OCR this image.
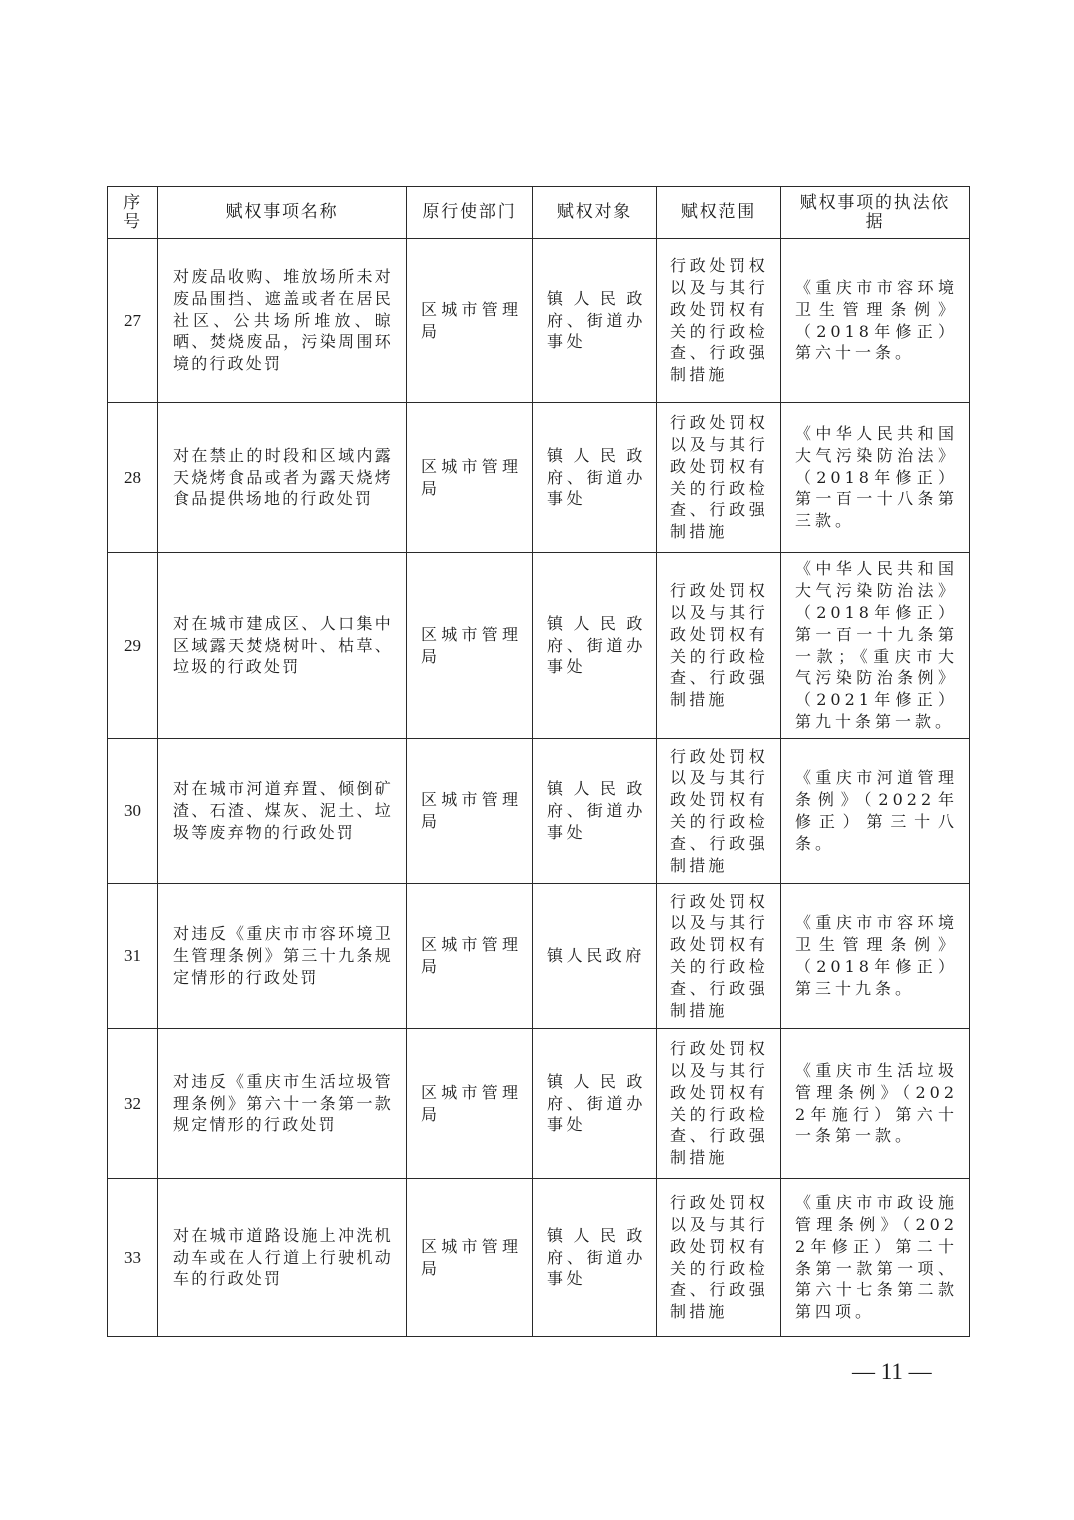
序号	赋权事项名称	原行使部门	赋权对象	赋权范围	赋权事项的执法依据
27	对废品收购、堆放场所未对废品围挡、遮盖或者在居民社区、公共场所堆放、晾晒、焚烧废品，污染周围环境的行政处罚	区城市管理局	镇人民政府、街道办事处	行政处罚权以及与其行政处罚权有关的行政检查、行政强制措施	《重庆市市容环境卫生管理条例》（2018年修正）第六十一条。
28	对在禁止的时段和区域内露天烧烤食品或者为露天烧烤食品提供场地的行政处罚	区城市管理局	镇人民政府、街道办事处	行政处罚权以及与其行政处罚权有关的行政检查、行政强制措施	《中华人民共和国大气污染防治法》（2018年修正）第一百一十八条第三款。
29	对在城市建成区、人口集中区域露天焚烧树叶、枯草、垃圾的行政处罚	区城市管理局	镇人民政府、街道办事处	行政处罚权以及与其行政处罚权有关的行政检查、行政强制措施	《中华人民共和国大气污染防治法》（2018年修正）第一百一十九条第一款；《重庆市大气污染防治条例》（2021年修正）第九十条第一款。
30	对在城市河道弃置、倾倒矿渣、石渣、煤灰、泥土、垃圾等废弃物的行政处罚	区城市管理局	镇人民政府、街道办事处	行政处罚权以及与其行政处罚权有关的行政检查、行政强制措施	《重庆市河道管理条例》（2022年修正）第三十八条。
31	对违反《重庆市市容环境卫生管理条例》第三十九条规定情形的行政处罚	区城市管理局	镇人民政府	行政处罚权以及与其行政处罚权有关的行政检查、行政强制措施	《重庆市市容环境卫生管理条例》（2018年修正）第三十九条。
32	对违反《重庆市生活垃圾管理条例》第六十一条第一款规定情形的行政处罚	区城市管理局	镇人民政府、街道办事处	行政处罚权以及与其行政处罚权有关的行政检查、行政强制措施	《重庆市生活垃圾管理条例》（2022年施行）第六十一条第一款。
33	对在城市道路设施上冲洗机动车或在人行道上行驶机动车的行政处罚	区城市管理局	镇人民政府、街道办事处	行政处罚权以及与其行政处罚权有关的行政检查、行政强制措施	《重庆市市政设施管理条例》（2022年修正）第二十条第一款第一项、第六十七条第二款第四项。
— 11 —
